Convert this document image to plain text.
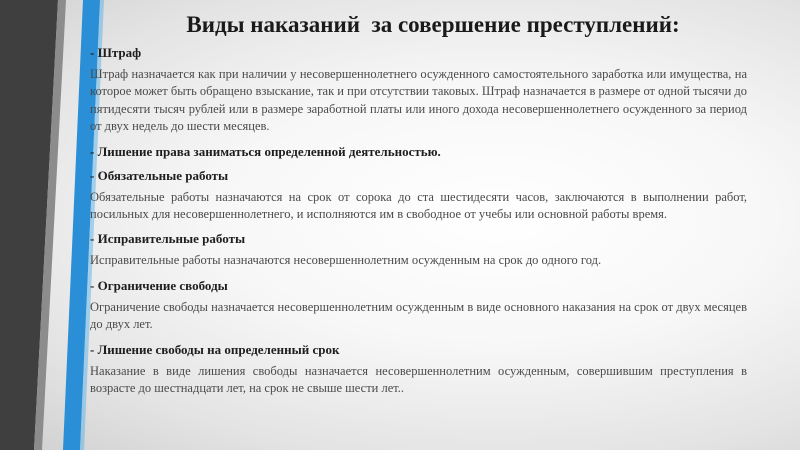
Виды наказаний  за совершение преступлений:

- Штраф

Штраф назначается как при наличии у несовершеннолетнего осужденного самостоятельного заработка или имущества, на которое может быть обращено взыскание, так и при отсутствии таковых. Штраф назначается в размере от одной тысячи до пятидесяти тысяч рублей или в размере заработной платы или иного дохода несовершеннолетнего осужденного за период от двух недель до шести месяцев.

- Лишение права заниматься определенной деятельностью.

- Обязательные работы

Обязательные работы назначаются на срок от сорока до ста шестидесяти часов, заключаются в выполнении работ, посильных для несовершеннолетнего, и исполняются им в свободное от учебы или основной работы время.

- Исправительные работы

Исправительные работы назначаются несовершеннолетним осужденным на срок до одного год.

- Ограничение свободы

Ограничение свободы назначается несовершеннолетним осужденным в виде основного наказания на срок от двух месяцев до двух лет.

- Лишение свободы на определенный срок

Наказание в виде лишения свободы назначается несовершеннолетним осужденным, совершившим преступления в возрасте до шестнадцати лет, на срок не свыше шести лет..
